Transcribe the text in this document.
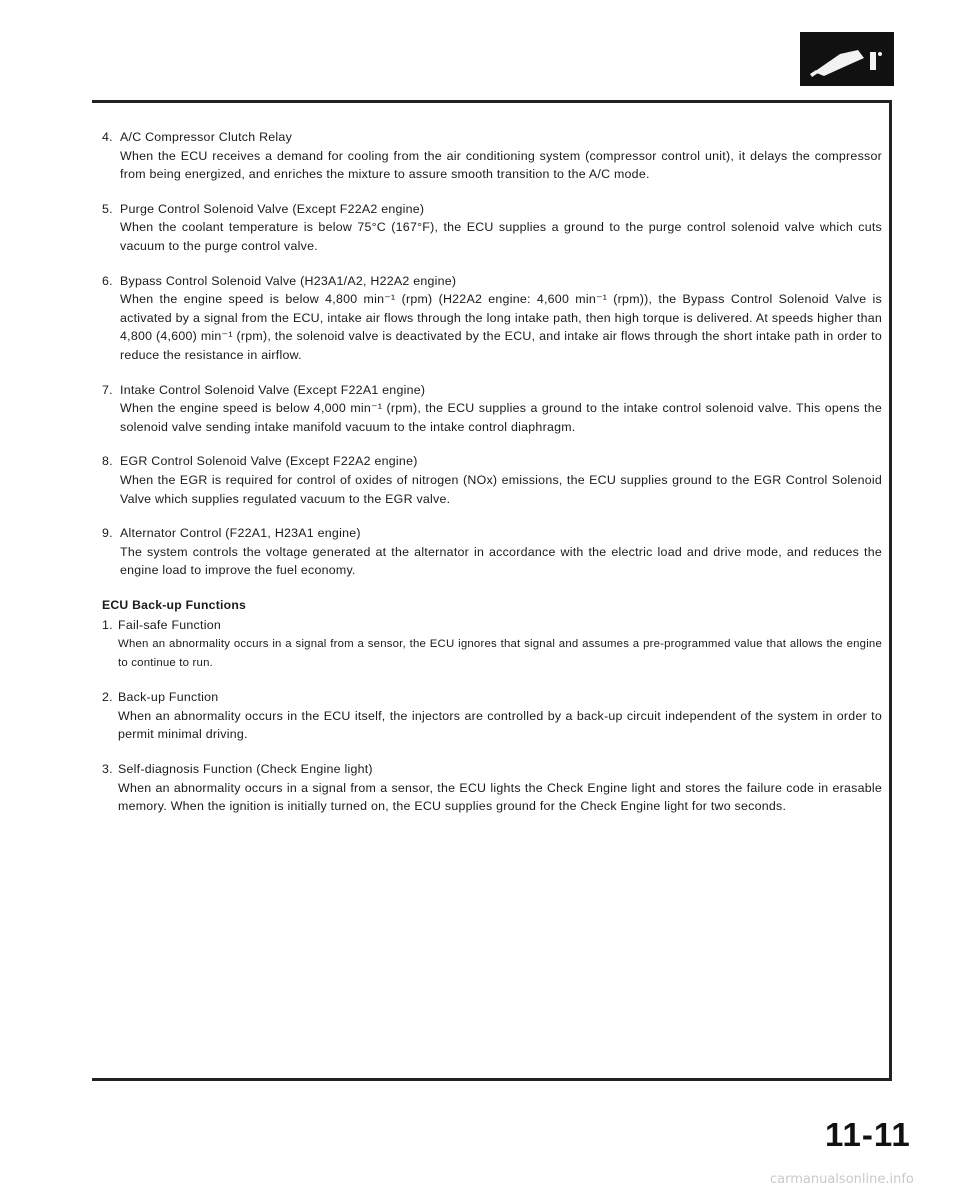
4. A/C Compressor Clutch Relay
When the ECU receives a demand for cooling from the air conditioning system (compressor control unit), it delays the compressor from being energized, and enriches the mixture to assure smooth transition to the A/C mode.
5. Purge Control Solenoid Valve (Except F22A2 engine)
When the coolant temperature is below 75°C (167°F), the ECU supplies a ground to the purge control solenoid valve which cuts vacuum to the purge control valve.
6. Bypass Control Solenoid Valve (H23A1/A2, H22A2 engine)
When the engine speed is below 4,800 min⁻¹ (rpm) (H22A2 engine: 4,600 min⁻¹ (rpm)), the Bypass Control Solenoid Valve is activated by a signal from the ECU, intake air flows through the long intake path, then high torque is delivered. At speeds higher than 4,800 (4,600) min⁻¹ (rpm), the solenoid valve is deactivated by the ECU, and intake air flows through the short intake path in order to reduce the resistance in airflow.
7. Intake Control Solenoid Valve (Except F22A1 engine)
When the engine speed is below 4,000 min⁻¹ (rpm), the ECU supplies a ground to the intake control solenoid valve. This opens the solenoid valve sending intake manifold vacuum to the intake control diaphragm.
8. EGR Control Solenoid Valve (Except F22A2 engine)
When the EGR is required for control of oxides of nitrogen (NOx) emissions, the ECU supplies ground to the EGR Control Solenoid Valve which supplies regulated vacuum to the EGR valve.
9. Alternator Control (F22A1, H23A1 engine)
The system controls the voltage generated at the alternator in accordance with the electric load and drive mode, and reduces the engine load to improve the fuel economy.
ECU Back-up Functions
1. Fail-safe Function
When an abnormality occurs in a signal from a sensor, the ECU ignores that signal and assumes a pre-programmed value that allows the engine to continue to run.
2. Back-up Function
When an abnormality occurs in the ECU itself, the injectors are controlled by a back-up circuit independent of the system in order to permit minimal driving.
3. Self-diagnosis Function (Check Engine light)
When an abnormality occurs in a signal from a sensor, the ECU lights the Check Engine light and stores the failure code in erasable memory. When the ignition is initially turned on, the ECU supplies ground for the Check Engine light for two seconds.
11-11
carmanualsonline.info
